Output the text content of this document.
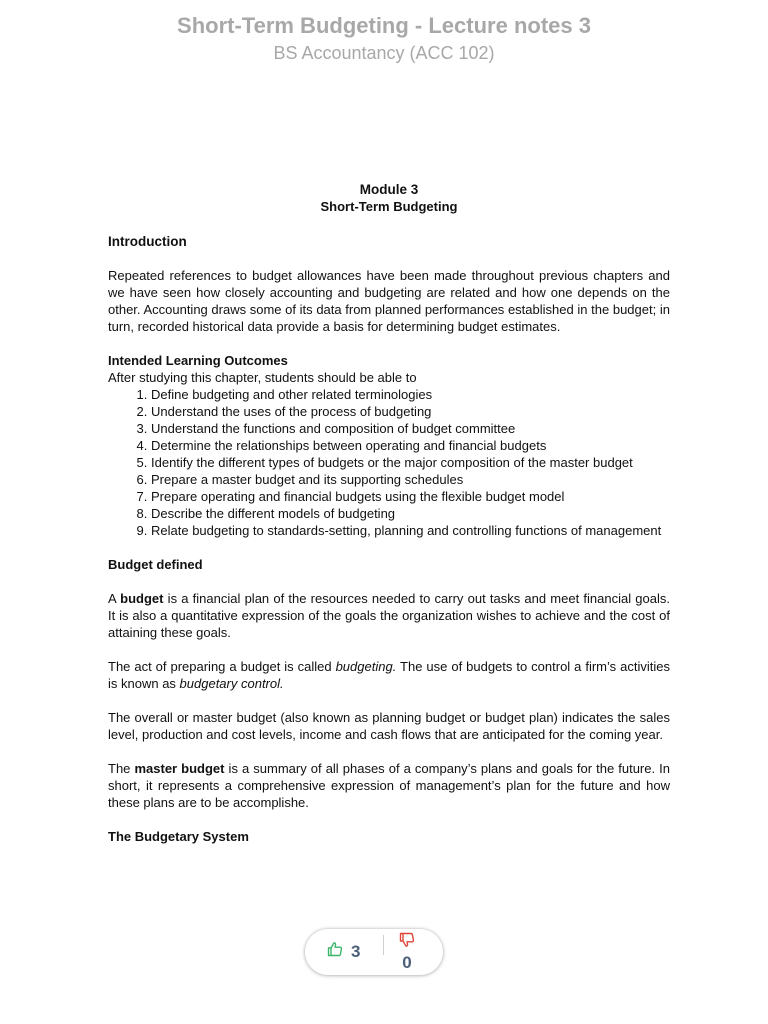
Short-Term Budgeting - Lecture notes 3
BS Accountancy (ACC 102)
Module 3
Short-Term Budgeting
Introduction

Repeated references to budget allowances have been made throughout previous chapters and we have seen how closely accounting and budgeting are related and how one depends on the other. Accounting draws some of its data from planned performances established in the budget; in turn, recorded historical data provide a basis for determining budget estimates.

Intended Learning Outcomes
After studying this chapter, students should be able to
1. Define budgeting and other related terminologies
2. Understand the uses of the process of budgeting
3. Understand the functions and composition of budget committee
4. Determine the relationships between operating and financial budgets
5. Identify the different types of budgets or the major composition of the master budget
6. Prepare a master budget and its supporting schedules
7. Prepare operating and financial budgets using the flexible budget model
8. Describe the different models of budgeting
9. Relate budgeting to standards-setting, planning and controlling functions of management
Budget defined

A budget is a financial plan of the resources needed to carry out tasks and meet financial goals. It is also a quantitative expression of the goals the organization wishes to achieve and the cost of attaining these goals.

The act of preparing a budget is called budgeting. The use of budgets to control a firm’s activities is known as budgetary control.

The overall or master budget (also known as planning budget or budget plan) indicates the sales level, production and cost levels, income and cash flows that are anticipated for the coming year.

The master budget is a summary of all phases of a company’s plans and goals for the future. In short, it represents a comprehensive expression of management’s plan for the future and how these plans are to be accomplishe.

The Budgetary System
3
0
